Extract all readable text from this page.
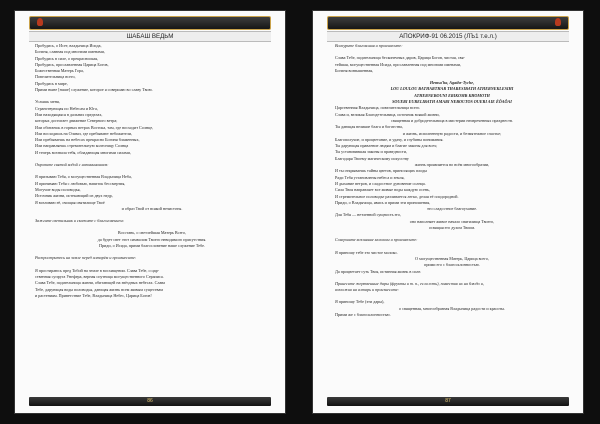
ШАБАШ ВЕДЬМ

Пробудись, о Исет, владычица Исида,

Богиня, славная под многими именами,

Пробудись в силе, о прекрасноокая,

Пробудись, прославленная Царица Богов,

Божественная Матерь Гора,

Повелительница всего,

Пробудись в мире,

Прими ныне [наше] служение, которое я совершаю во славу Твою.

Услышь меня,

Странствующая по Небесам и Юга,

Или находящаяся в дальних пределах,

которых достигает движение Северного ветра;

Или обитаешь в горных ветрах Востока, там, где восходит Солнце,

Или восходишь на Олимп, где пребывают небожители,

Или пребываешь на небесах прекрасно Богиня блаженных,

Или направляешь стремительную колесницу Солнца

И теперь воззвала тебя, обладающая многими силами,

Окропите святой водой с напоминанием:

Я призываю Тебя, о могущественная Владычица Неба,

И принимаю Тебя с любовью, напиток бессмертия,

Могучие воды половодья,

Источник жизни, истекающий из двух недр,

Я возливаю её, очищая святилище Твоё

и образ Твой от всякой нечистоты.

Зажгите светильник и скажите с благоговением:

Восстань, о светлейшая Матерь Всего,

да будет свет этот символом Твоего невидимого присутствия.

Приди, о Исида, прими благословение наше служение Тебе.

Распростритесь на земле перед алтарём и произнесите:

Я простираюсь пред Тобой на земле в восхищении. Слава Тебе, о цар-

ственная супруга Унеферa, верная спутница могущественного Сераписа.

Слава Тебе, подательница жизни, обитающей на звёздных небесах. Слава

Тебе, дарующая воды половодья, дающая жизнь всем живым существам

и растениям. Приветствие Тебе, Владычица Небес, Царица Богов!

86
АПОКРИФ-91 06.2015 (ЛЪ1 т.е.л.)

Воскурите благовония и произнесите:

Слава Тебе, подательница бесконечных даров, Царица Богов, чистая, свя-

тейшая, могущественная Исида, прославленная под многими именами,

Богиня возвышенная,

Hemsa'ha, Agathe-Tyche,

LOU LOULOU BATHARTHAR THARESIBATH ATHERNEKLESIHI

ATHERNEBOUNI ERIKOMB KHOMOTH

SOUERI EURELIBATH AMARI NEBOUTOS OUERI AIE ÉÔAÔAI

Царственная Владычица, повелительница всего.

Слава и, великая Благодетельница, источник всякой жизни,

священная и добродетельница в мистерии неизреченных празднеств.

Ты дающая великие блага и богатства,

и жизнь, исполненную радости, и безмятежное счастье;

Благополучие, и процветание, и удачу, и глубины понимания.

Ты дарующая правление людям и благие законы для всех;

Ты установившая законы и праведности,

Благодаря Твоему магическому искусству

жизнь проявляется во всём многообразии,

И ты открываешь тайны цветов, приносящих плоды

Ради Тебя установлены небеса и земля,

И дыхание ветров, и сладостное дуновение солнца.

Сила Твоя направляет все живые воды каждую осень,

И стремительное половодье разливается легко, делая её плодородной.

Приди, о Владычица, явись и прими эти приношения,

это сладостное благоухание.

Для Тебя — нетленной сущность его,

оно наполняет живое начало святилища Твоего,

освящая его духом Твоим.

Совершите возлияние молоком и произнесите:

Я приношу тебе это чистое молоко.

О могущественная Матерь, Царица всего,

прими его с благосклонностью.

Да процветает суть Твоя, истинная жизнь в силе.

Принесите жертвенные дары (фрукты и т. п., если есть), поместив их на блюдо и,

возложив на алтарь и произнесите:

Я приношу Тебе (эти дары),

о священная, многообразная Владычица радости и красоты.

Прими же с благосклонностью.

87
